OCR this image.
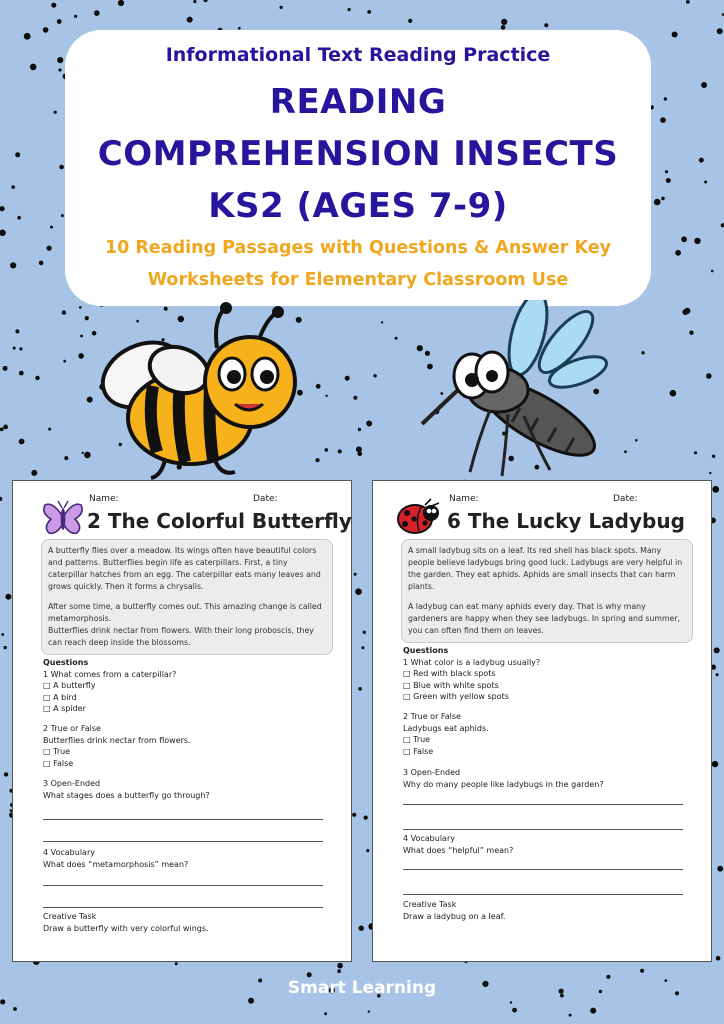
Informational Text Reading Practice
READING
COMPREHENSION INSECTS
KS2 (AGES 7-9)
10 Reading Passages with Questions & Answer Key
Worksheets for Elementary Classroom Use
Name:	Date:
2 The Colorful Butterfly

A butterfly flies over a meadow. Its wings often have beautiful colors
and patterns. Butterflies begin life as caterpillars. First, a tiny
caterpillar hatches from an egg. The caterpillar eats many leaves and
grows quickly. Then it forms a chrysalis.

After some time, a butterfly comes out. This amazing change is called
metamorphosis.
Butterflies drink nectar from flowers. With their long proboscis, they
can reach deep inside the blossoms.

Questions
1 What comes from a caterpillar?
□ A butterfly
□ A bird
□ A spider
2 True or False
Butterflies drink nectar from flowers.
□ True
□ False
3 Open-Ended
What stages does a butterfly go through?
4 Vocabulary
What does “metamorphosis” mean?
Creative Task
Draw a butterfly with very colorful wings.
Name:	Date:
6 The Lucky Ladybug

A small ladybug sits on a leaf. Its red shell has black spots. Many
people believe ladybugs bring good luck. Ladybugs are very helpful in
the garden. They eat aphids. Aphids are small insects that can harm
plants.

A ladybug can eat many aphids every day. That is why many
gardeners are happy when they see ladybugs. In spring and summer,
you can often find them on leaves.

Questions
1 What color is a ladybug usually?
□ Red with black spots
□ Blue with white spots
□ Green with yellow spots
2 True or False
Ladybugs eat aphids.
□ True
□ False
3 Open-Ended
Why do many people like ladybugs in the garden?
4 Vocabulary
What does “helpful” mean?
Creative Task
Draw a ladybug on a leaf.
Smart Learning
